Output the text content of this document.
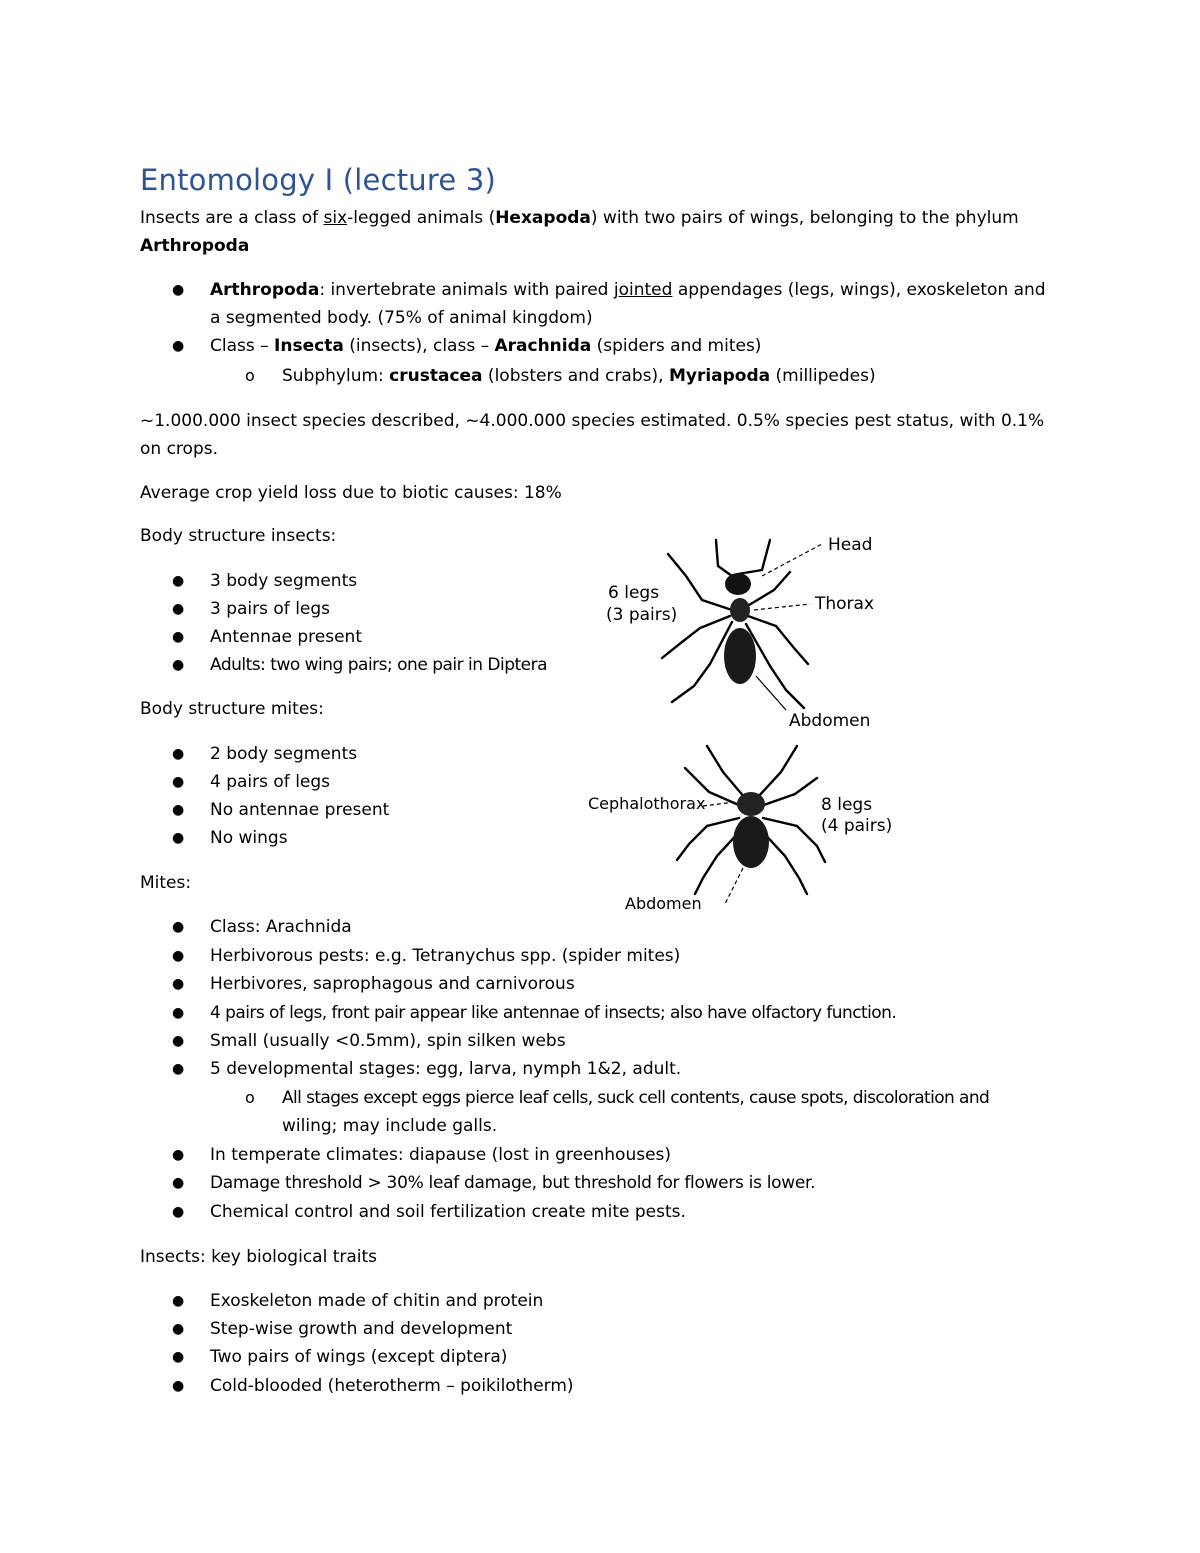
Entomology I (lecture 3)
Insects are a class of six-legged animals (Hexapoda) with two pairs of wings, belonging to the phylum
Arthropoda
● Arthropoda: invertebrate animals with paired jointed appendages (legs, wings), exoskeleton and
a segmented body. (75% of animal kingdom)
● Class – Insecta (insects), class – Arachnida (spiders and mites)
o Subphylum: crustacea (lobsters and crabs), Myriapoda (millipedes)
~1.000.000 insect species described, ~4.000.000 species estimated. 0.5% species pest status, with 0.1%
on crops.
Average crop yield loss due to biotic causes: 18%
Body structure insects:
● 3 body segments
● 3 pairs of legs
● Antennae present
● Adults: two wing pairs; one pair in Diptera
Body structure mites:
● 2 body segments
● 4 pairs of legs
● No antennae present
● No wings
Mites:
● Class: Arachnida
● Herbivorous pests: e.g. Tetranychus spp. (spider mites)
● Herbivores, saprophagous and carnivorous
● 4 pairs of legs, front pair appear like antennae of insects; also have olfactory function.
● Small (usually <0.5mm), spin silken webs
● 5 developmental stages: egg, larva, nymph 1&2, adult.
o All stages except eggs pierce leaf cells, suck cell contents, cause spots, discoloration and
wiling; may include galls.
● In temperate climates: diapause (lost in greenhouses)
● Damage threshold > 30% leaf damage, but threshold for flowers is lower.
● Chemical control and soil fertilization create mite pests.
Insects: key biological traits
● Exoskeleton made of chitin and protein
● Step-wise growth and development
● Two pairs of wings (except diptera)
● Cold-blooded (heterotherm – poikilotherm)
6 legs
(3 pairs)
Head
Thorax
Abdomen
Cephalothorax	8 legs
(4 pairs)
Abdomen
